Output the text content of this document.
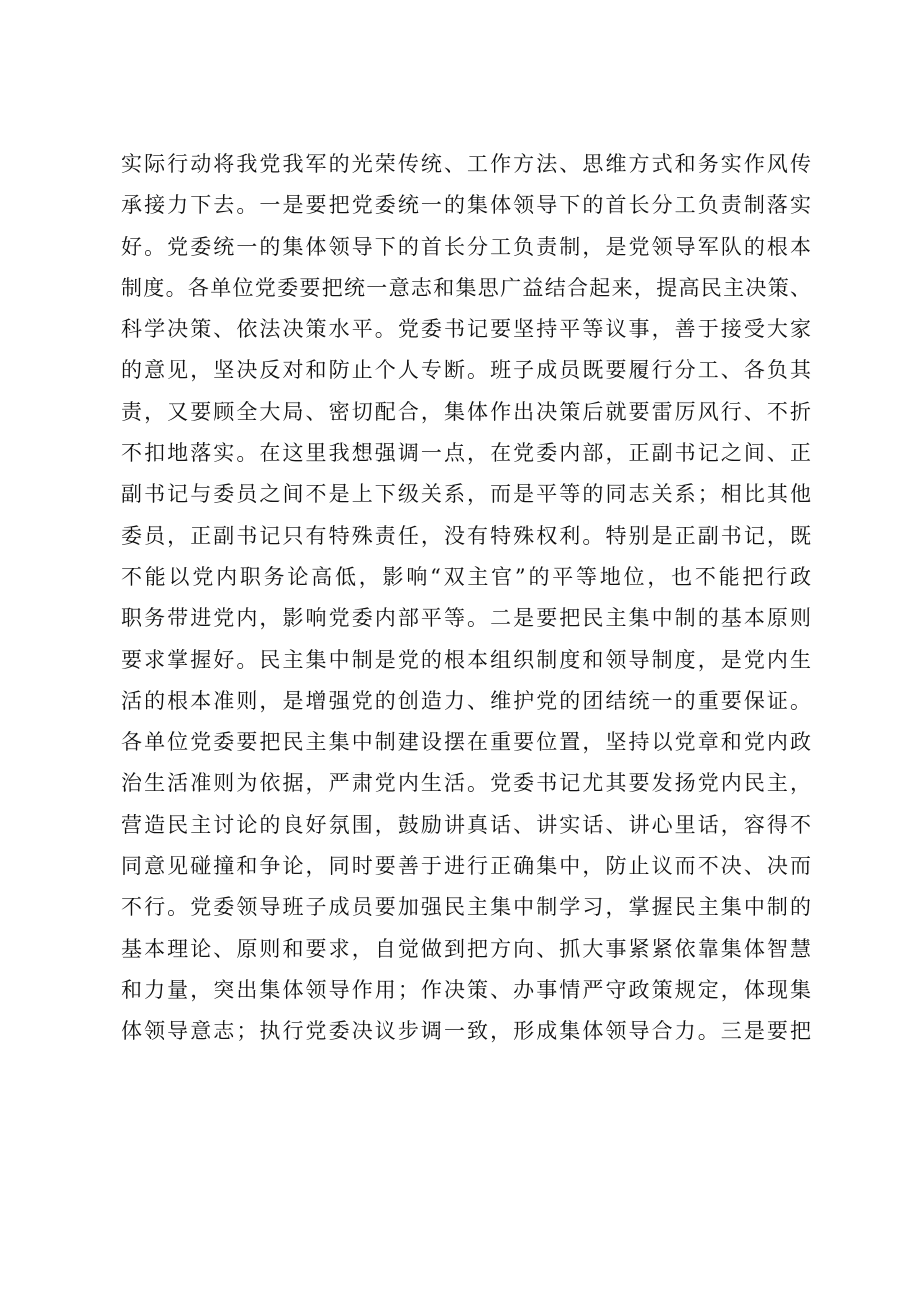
实际行动将我党我军的光荣传统、工作方法、思维方式和务实作风传
承接力下去。一是要把党委统一的集体领导下的首长分工负责制落实
好。党委统一的集体领导下的首长分工负责制，是党领导军队的根本
制度。各单位党委要把统一意志和集思广益结合起来，提高民主决策、
科学决策、依法决策水平。党委书记要坚持平等议事，善于接受大家
的意见，坚决反对和防止个人专断。班子成员既要履行分工、各负其
责，又要顾全大局、密切配合，集体作出决策后就要雷厉风行、不折
不扣地落实。在这里我想强调一点，在党委内部，正副书记之间、正
副书记与委员之间不是上下级关系，而是平等的同志关系；相比其他
委员，正副书记只有特殊责任，没有特殊权利。特别是正副书记，既
不能以党内职务论高低，影响“双主官”的平等地位，也不能把行政
职务带进党内，影响党委内部平等。二是要把民主集中制的基本原则
要求掌握好。民主集中制是党的根本组织制度和领导制度，是党内生
活的根本准则，是增强党的创造力、维护党的团结统一的重要保证。
各单位党委要把民主集中制建设摆在重要位置，坚持以党章和党内政
治生活准则为依据，严肃党内生活。党委书记尤其要发扬党内民主，
营造民主讨论的良好氛围，鼓励讲真话、讲实话、讲心里话，容得不
同意见碰撞和争论，同时要善于进行正确集中，防止议而不决、决而
不行。党委领导班子成员要加强民主集中制学习，掌握民主集中制的
基本理论、原则和要求，自觉做到把方向、抓大事紧紧依靠集体智慧
和力量，突出集体领导作用；作决策、办事情严守政策规定，体现集
体领导意志；执行党委决议步调一致，形成集体领导合力。三是要把
